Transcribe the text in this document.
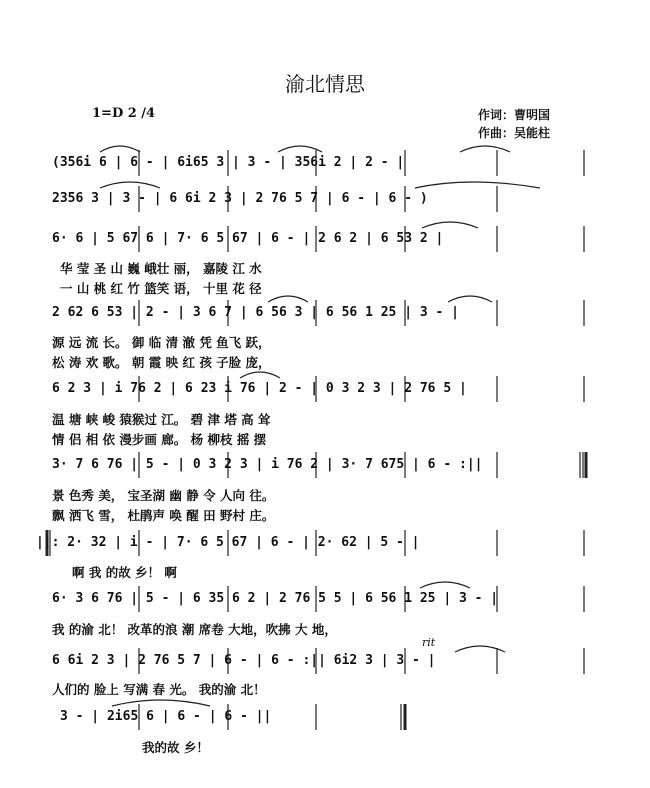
渝北情思
1=D 2 /4	作词：曹明国
作曲：吴能柱
(356i 6 | 6 - | 6i65 3 | 3 - | 356i 2 | 2 - |
2356 3 | 3 - | 6 6i 2 3 | 2 76 5 7 | 6 - | 6 - )
6· 6 | 5 67 6 | 7· 6 5 67 | 6 - | 2 6 2 | 6 53 2 |
华 莹 圣 山 巍 峨壮 丽， 嘉陵 江 水
一 山 桃 红 竹 篮笑 语， 十里 花 径
2 62 6 53 | 2 - | 3 6 7 | 6 56 3 | 6 56 1 25 | 3 - |
源 远 流 长。 御 临 清 澈 凭 鱼飞 跃，
松 涛 欢 歌。 朝 霞 映 红 孩 子脸 庞，
6 2 3 | i 76 2 | 6 23 i 76 | 2 - | 0 3 2 3 | 2 76 5 |
温 塘 峡 峻 猿猴过 江。 碧 津 塔 高 耸
情 侣 相 依 漫步画 廊。 杨 柳枝 摇 摆
3· 7 6 76 | 5 - | 0 3 2 3 | i 76 2 | 3· 7 675 | 6 - :||
景 色秀 美， 宝圣湖 幽 静 令 人向 往。
飘 洒飞 雪， 杜鹃声 唤 醒 田 野村 庄。
||: 2· 32 | i - | 7· 6 5 67 | 6 - | 2· 62 | 5 - |
啊 我 的故 乡！ 啊
6· 3 6 76 | 5 - | 6 35 6 2 | 2 76 5 5 | 6 56 1 25 | 3 - |
我 的渝 北！ 改革的浪 潮 席卷 大地，吹拂 大 地，
rit
6 6i 2 3 | 2 76 5 7 | 6 - | 6 - :|| 6i2 3 | 3 - |
人们的 脸上 写满 春 光。 我的渝 北！
3 - | 2i65 6 | 6 - | 6 - ||
我的故 乡！
